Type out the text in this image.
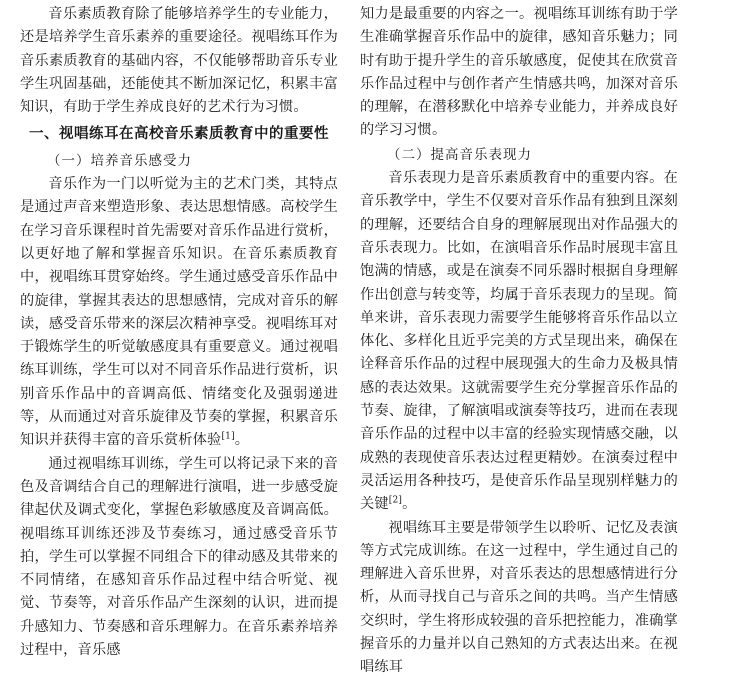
音乐素质教育除了能够培养学生的专业能力，还是培养学生音乐素养的重要途径。视唱练耳作为音乐素质教育的基础内容，不仅能够帮助音乐专业学生巩固基础，还能使其不断加深记忆，积累丰富知识，有助于学生养成良好的艺术行为习惯。

一、视唱练耳在高校音乐素质教育中的重要性
（一）培养音乐感受力

音乐作为一门以听觉为主的艺术门类，其特点是通过声音来塑造形象、表达思想情感。高校学生在学习音乐课程时首先需要对音乐作品进行赏析，以更好地了解和掌握音乐知识。在音乐素质教育中，视唱练耳贯穿始终。学生通过感受音乐作品中的旋律，掌握其表达的思想感情，完成对音乐的解读，感受音乐带来的深层次精神享受。视唱练耳对于锻炼学生的听觉敏感度具有重要意义。通过视唱练耳训练，学生可以对不同音乐作品进行赏析，识别音乐作品中的音调高低、情绪变化及强弱递进等，从而通过对音乐旋律及节奏的掌握，积累音乐知识并获得丰富的音乐赏析体验[1]。

通过视唱练耳训练，学生可以将记录下来的音色及音调结合自己的理解进行演唱，进一步感受旋律起伏及调式变化，掌握色彩敏感度及音调高低。视唱练耳训练还涉及节奏练习，通过感受音乐节拍，学生可以掌握不同组合下的律动感及其带来的不同情绪，在感知音乐作品过程中结合听觉、视觉、节奏等，对音乐作品产生深刻的认识，进而提升感知力、节奏感和音乐理解力。在音乐素养培养过程中，音乐感

知力是最重要的内容之一。视唱练耳训练有助于学生准确掌握音乐作品中的旋律，感知音乐魅力；同时有助于提升学生的音乐敏感度，促使其在欣赏音乐作品过程中与创作者产生情感共鸣，加深对音乐的理解，在潜移默化中培养专业能力，并养成良好的学习习惯。

（二）提高音乐表现力

音乐表现力是音乐素质教育中的重要内容。在音乐教学中，学生不仅要对音乐作品有独到且深刻的理解，还要结合自身的理解展现出对作品强大的音乐表现力。比如，在演唱音乐作品时展现丰富且饱满的情感，或是在演奏不同乐器时根据自身理解作出创意与转变等，均属于音乐表现力的呈现。简单来讲，音乐表现力需要学生能够将音乐作品以立体化、多样化且近乎完美的方式呈现出来，确保在诠释音乐作品的过程中展现强大的生命力及极具情感的表达效果。这就需要学生充分掌握音乐作品的节奏、旋律，了解演唱或演奏等技巧，进而在表现音乐作品的过程中以丰富的经验实现情感交融，以成熟的表现使音乐表达过程更精妙。在演奏过程中灵活运用各种技巧，是使音乐作品呈现别样魅力的关键[2]。

视唱练耳主要是带领学生以聆听、记忆及表演等方式完成训练。在这一过程中，学生通过自己的理解进入音乐世界，对音乐表达的思想感情进行分析，从而寻找自己与音乐之间的共鸣。当产生情感交织时，学生将形成较强的音乐把控能力，准确掌握音乐的力量并以自己熟知的方式表达出来。在视唱练耳
